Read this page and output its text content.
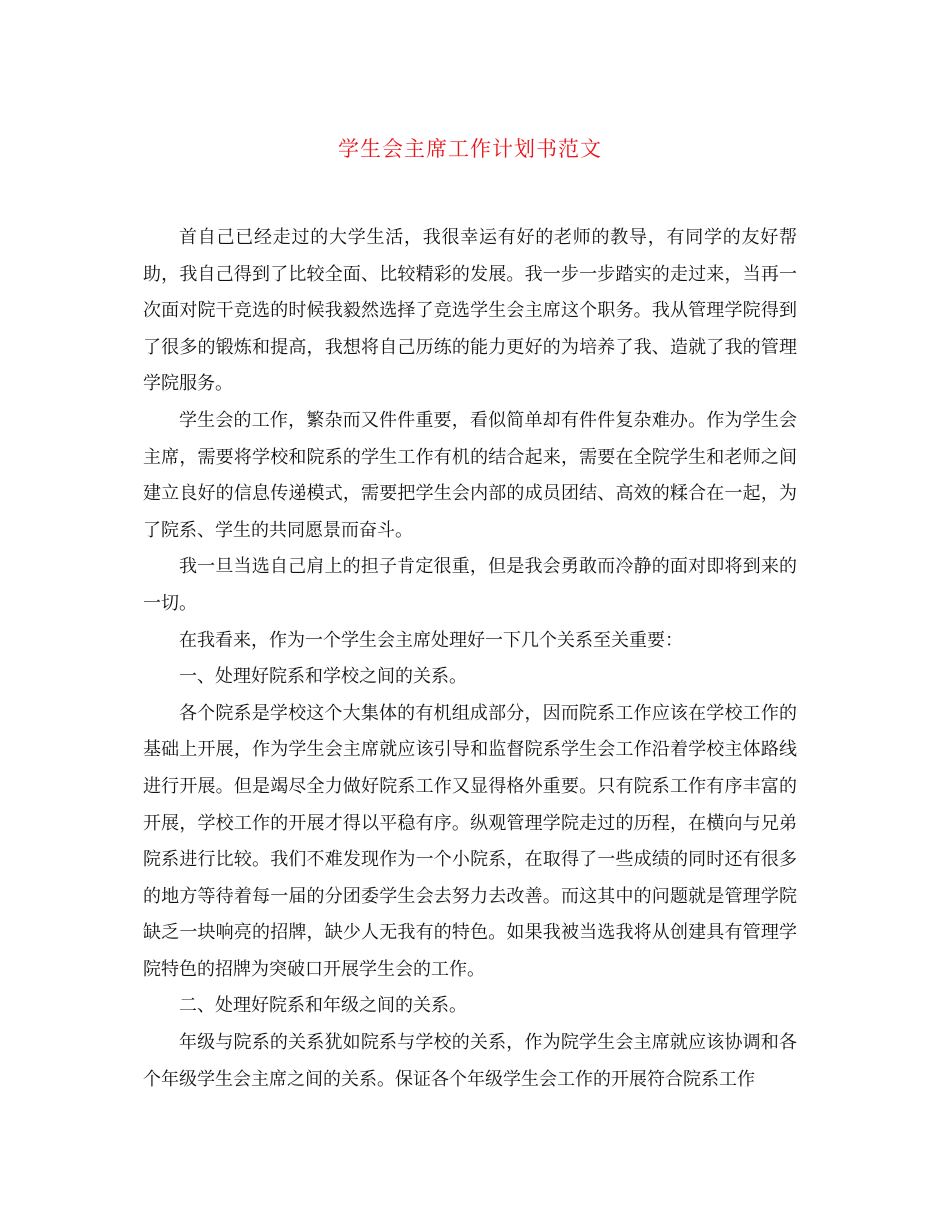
学生会主席工作计划书范文

首自己已经走过的大学生活，我很幸运有好的老师的教导，有同学的友好帮助，我自己得到了比较全面、比较精彩的发展。我一步一步踏实的走过来，当再一次面对院干竞选的时候我毅然选择了竞选学生会主席这个职务。我从管理学院得到了很多的锻炼和提高，我想将自己历练的能力更好的为培养了我、造就了我的管理学院服务。

学生会的工作，繁杂而又件件重要，看似简单却有件件复杂难办。作为学生会主席，需要将学校和院系的学生工作有机的结合起来，需要在全院学生和老师之间建立良好的信息传递模式，需要把学生会内部的成员团结、高效的糅合在一起，为了院系、学生的共同愿景而奋斗。

我一旦当选自己肩上的担子肯定很重，但是我会勇敢而冷静的面对即将到来的一切。

在我看来，作为一个学生会主席处理好一下几个关系至关重要：

一、处理好院系和学校之间的关系。

各个院系是学校这个大集体的有机组成部分，因而院系工作应该在学校工作的基础上开展，作为学生会主席就应该引导和监督院系学生会工作沿着学校主体路线进行开展。但是竭尽全力做好院系工作又显得格外重要。只有院系工作有序丰富的开展，学校工作的开展才得以平稳有序。纵观管理学院走过的历程，在横向与兄弟院系进行比较。我们不难发现作为一个小院系，在取得了一些成绩的同时还有很多的地方等待着每一届的分团委学生会去努力去改善。而这其中的问题就是管理学院缺乏一块响亮的招牌，缺少人无我有的特色。如果我被当选我将从创建具有管理学院特色的招牌为突破口开展学生会的工作。

二、处理好院系和年级之间的关系。

年级与院系的关系犹如院系与学校的关系，作为院学生会主席就应该协调和各个年级学生会主席之间的关系。保证各个年级学生会工作的开展符合院系工作
